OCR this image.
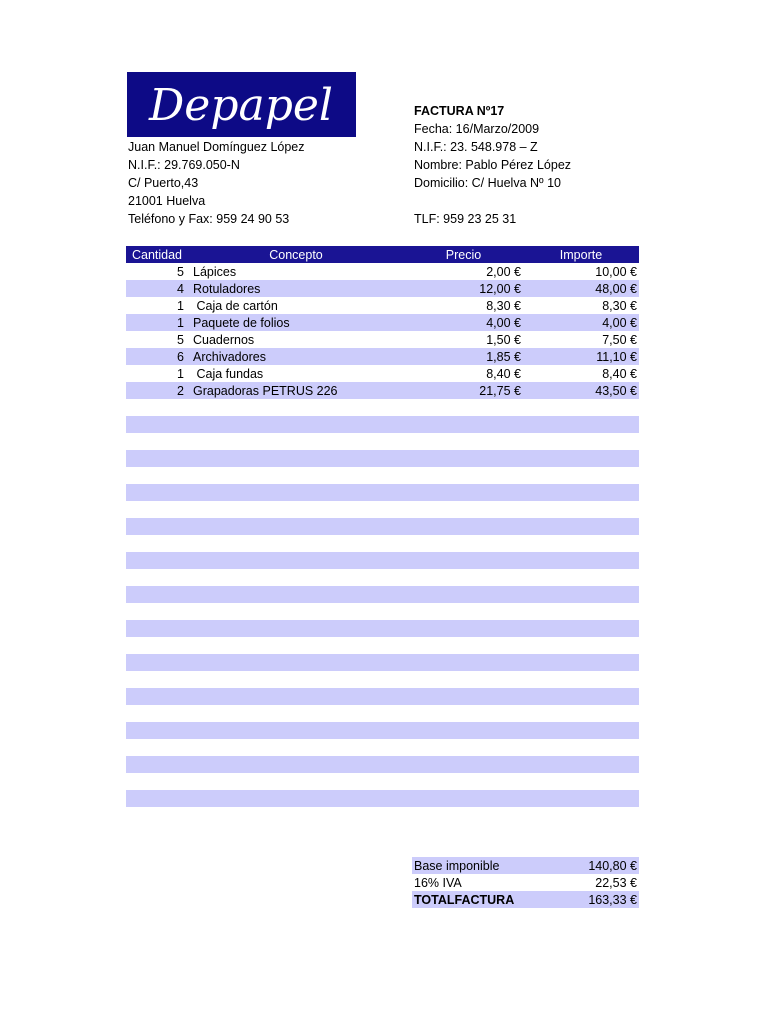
Depapel
Juan Manuel Domínguez López
N.I.F.: 29.769.050-N
C/ Puerto,43
21001 Huelva
Teléfono y Fax: 959 24 90 53
FACTURA Nº17
Fecha: 16/Marzo/2009
N.I.F.: 23. 548.978 – Z
Nombre: Pablo Pérez López
Domicilio: C/ Huelva Nº 10
TLF: 959 23 25 31
Cantidad	Concepto	Precio	Importe
5	Lápices	2,00 €	10,00 €
4	Rotuladores	12,00 €	48,00 €
1	Caja de cartón	8,30 €	8,30 €
1	Paquete de folios	4,00 €	4,00 €
5	Cuadernos	1,50 €	7,50 €
6	Archivadores	1,85 €	11,10 €
1	Caja fundas	8,40 €	8,40 €
2	Grapadoras PETRUS 226	21,75 €	43,50 €

Base imponible	140,80 €
16% IVA	22,53 €
TOTALFACTURA	163,33 €
